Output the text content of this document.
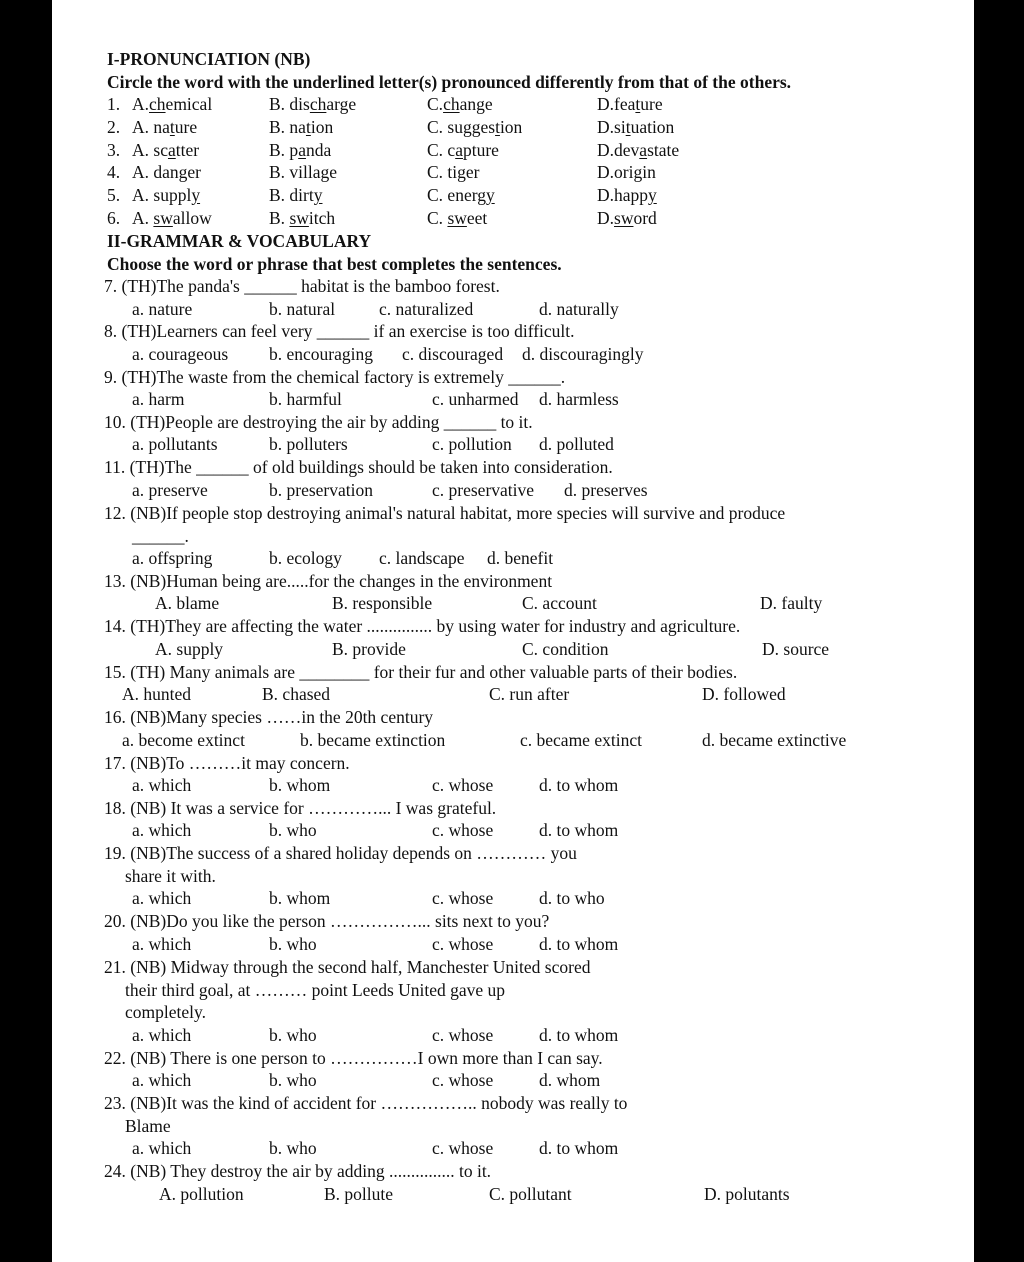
I-PRONUNCIATION (NB)
Circle the word with the underlined letter(s) pronounced differently from that of the others.
1. A.chemical	B. discharge	C.change	D.feature
2. A. nature	B. nation	C. suggestion	D.situation
3. A. scatter	B. panda	C. capture	D.devastate
4. A. danger	B. village	C. tiger	D.origin
5. A. supply	B. dirty	C. energy	D.happy
6. A. swallow	B. switch	C. sweet	D.sword
II-GRAMMAR & VOCABULARY
Choose the word or phrase that best completes the sentences.
7. (TH)The panda's ______ habitat is the bamboo forest.
a. nature	b. natural	c. naturalized	d. naturally
8. (TH)Learners can feel very ______ if an exercise is too difficult.
a. courageous b. encouraging c. discouraged d. discouragingly
9. (TH)The waste from the chemical factory is extremely ______.
a. harm	b. harmful	c. unharmed d. harmless
10. (TH)People are destroying the air by adding ______ to it.
a. pollutants	b. polluters	c. pollution d. polluted
11. (TH)The ______ of old buildings should be taken into consideration.
a. preserve	b. preservation	c. preservative d. preserves
12. (NB)If people stop destroying animal's natural habitat, more species will survive and produce
______.
a. offspring	b. ecology c. landscape d. benefit
13. (NB)Human being are.....for the changes in the environment
A. blame	B. responsible	C. account	D. faulty
14. (TH)They are affecting the water ............... by using water for industry and agriculture.
A. supply	B. provide	C. condition	D. source
15. (TH) Many animals are ________ for their fur and other valuable parts of their bodies.
A. hunted	B. chased	C. run after	D. followed
16. (NB)Many species ……in the 20th century
a. become extinct	b. became extinction	c. became extinct	d. became extinctive
17. (NB)To ………it may concern.
a. which	b. whom	c. whose	d. to whom
18. (NB) It was a service for …………... I was grateful.
a. which	b. who	c. whose	d. to whom
19. (NB)The success of a shared holiday depends on ………… you
share it with.
a. which	b. whom	c. whose	d. to who
20. (NB)Do you like the person ……………... sits next to you?
a. which	b. who	c. whose	d. to whom
21. (NB) Midway through the second half, Manchester United scored
their third goal, at ……… point Leeds United gave up
completely.
a. which	b. who	c. whose	d. to whom
22. (NB) There is one person to ……………I own more than I can say.
a. which	b. who	c. whose	d. whom
23. (NB)It was the kind of accident for …………….. nobody was really to
Blame
a. which	b. who	c. whose	d. to whom
24. (NB) They destroy the air by adding ............... to it.
A. pollution	B. pollute	C. pollutant	D. polutants
